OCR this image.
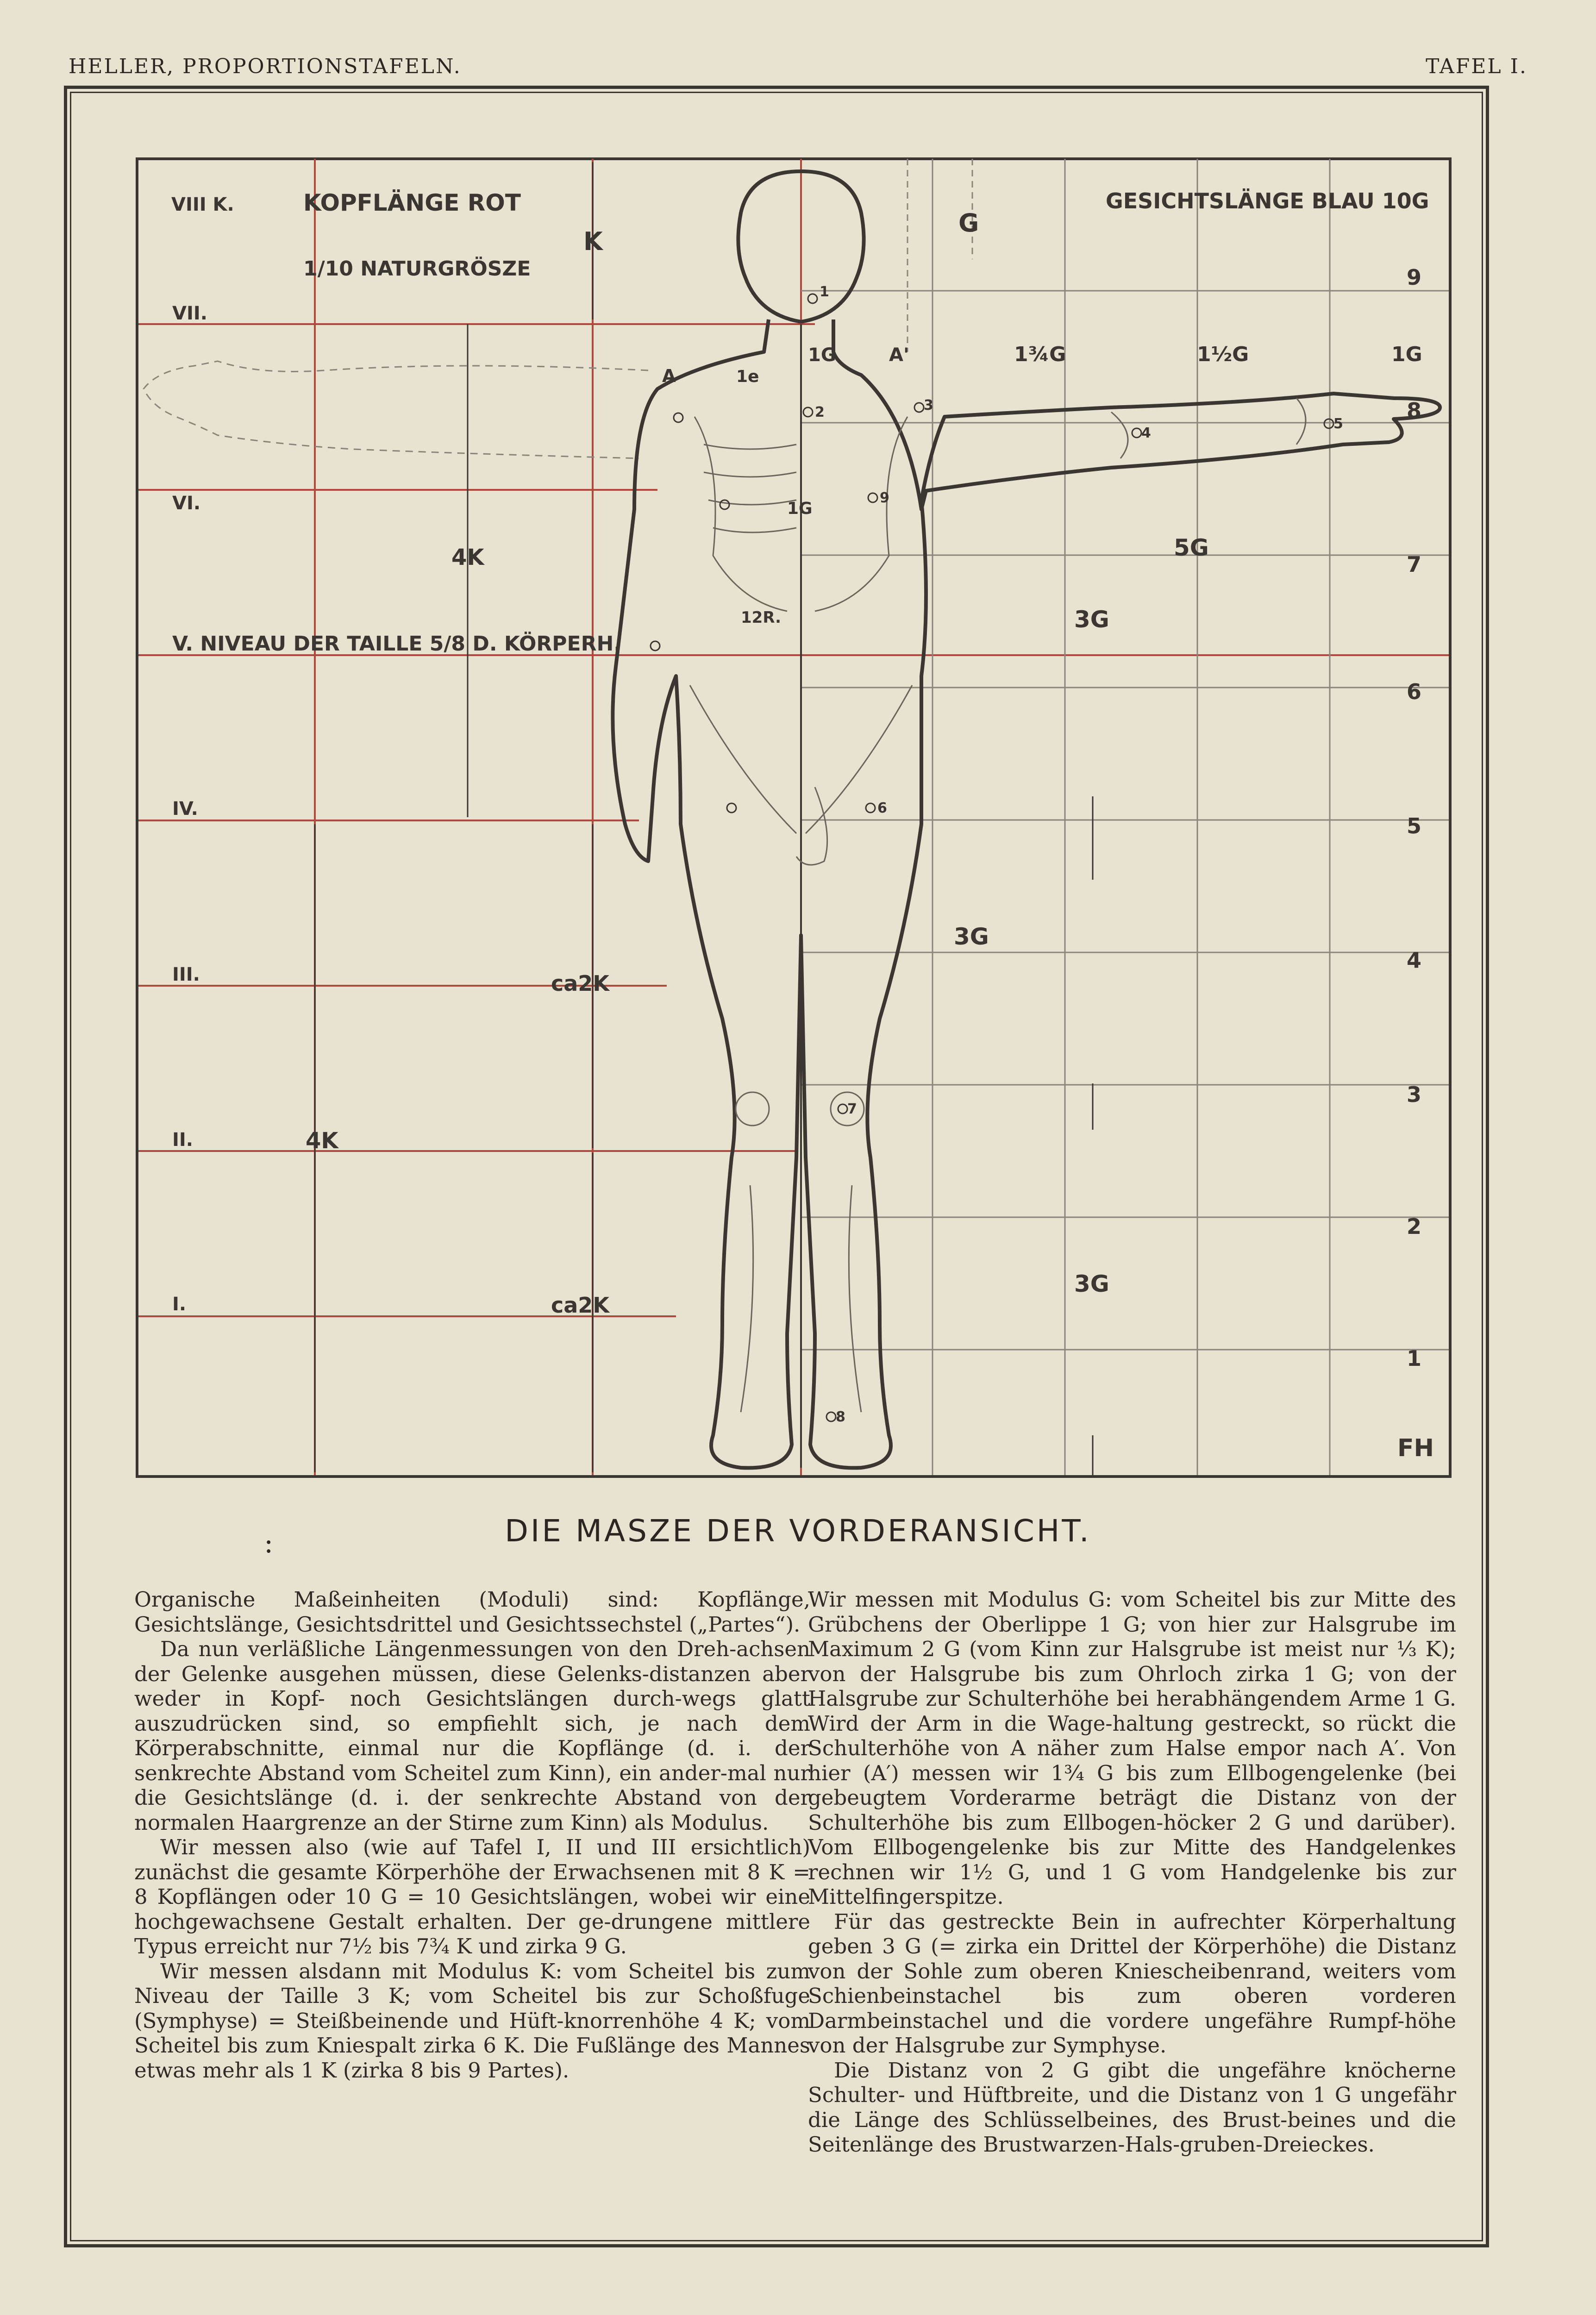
HELLER, PROPORTIONSTAFELN.	TAFEL I.
VIII K.	KOPFLÄNGE ROT
1/10 NATURGRÖSZE
GESICHTSLÄNGE BLAU 10G
VII.
VI.
V. NIVEAU DER TAILLE 5/8 D. KÖRPERH.
IV.
III.
II.
I.
9
8
7
6
5
4
3
2
1
K
G
4K
4K
ca2K
ca2K
5G
3G
3G
3G
1G	A'	1¾G	1½G	1G
1G
1e
A
12R.
1
2	3
4
5
6
7
8
9
FH
:	DIE MASZE DER VORDERANSICHT.

Organische Maßeinheiten (Moduli) sind: Kopflänge, Gesichtslänge, Gesichtsdrittel und Gesichtssechstel („Partes“).

Da nun verläßliche Längenmessungen von den Dreh-achsen der Gelenke ausgehen müssen, diese Gelenks-distanzen aber weder in Kopf- noch Gesichtslängen durch-wegs glatt auszudrücken sind, so empfiehlt sich, je nach dem Körperabschnitte, einmal nur die Kopflänge (d. i. der senkrechte Abstand vom Scheitel zum Kinn), ein ander-mal nur die Gesichtslänge (d. i. der senkrechte Abstand von der normalen Haargrenze an der Stirne zum Kinn) als Modulus.

Wir messen also (wie auf Tafel I, II und III ersichtlich) zunächst die gesamte Körperhöhe der Erwachsenen mit 8 K = 8 Kopflängen oder 10 G = 10 Gesichtslängen, wobei wir eine hochgewachsene Gestalt erhalten. Der ge-drungene mittlere Typus erreicht nur 7½ bis 7¾ K und zirka 9 G.

Wir messen alsdann mit Modulus K: vom Scheitel bis zum Niveau der Taille 3 K; vom Scheitel bis zur Schoßfuge (Symphyse) = Steißbeinende und Hüft-knorrenhöhe 4 K; vom Scheitel bis zum Kniespalt zirka 6 K. Die Fußlänge des Mannes etwas mehr als 1 K (zirka 8 bis 9 Partes).

Wir messen mit Modulus G: vom Scheitel bis zur Mitte des Grübchens der Oberlippe 1 G; von hier zur Halsgrube im Maximum 2 G (vom Kinn zur Halsgrube ist meist nur ⅓ K); von der Halsgrube bis zum Ohrloch zirka 1 G; von der Halsgrube zur Schulterhöhe bei herabhängendem Arme 1 G. Wird der Arm in die Wage-haltung gestreckt, so rückt die Schulterhöhe von A näher zum Halse empor nach A′. Von hier (A′) messen wir 1¾ G bis zum Ellbogengelenke (bei gebeugtem Vorderarme beträgt die Distanz von der Schulterhöhe bis zum Ellbogen-höcker 2 G und darüber). Vom Ellbogengelenke bis zur Mitte des Handgelenkes rechnen wir 1½ G, und 1 G vom Handgelenke bis zur Mittelfingerspitze.

Für das gestreckte Bein in aufrechter Körperhaltung geben 3 G (= zirka ein Drittel der Körperhöhe) die Distanz von der Sohle zum oberen Kniescheibenrand, weiters vom Schienbeinstachel bis zum oberen vorderen Darmbeinstachel und die vordere ungefähre Rumpf-höhe von der Halsgrube zur Symphyse.

Die Distanz von 2 G gibt die ungefähre knöcherne Schulter- und Hüftbreite, und die Distanz von 1 G ungefähr die Länge des Schlüsselbeines, des Brust-beines und die Seitenlänge des Brustwarzen-Hals-gruben-Dreieckes.
